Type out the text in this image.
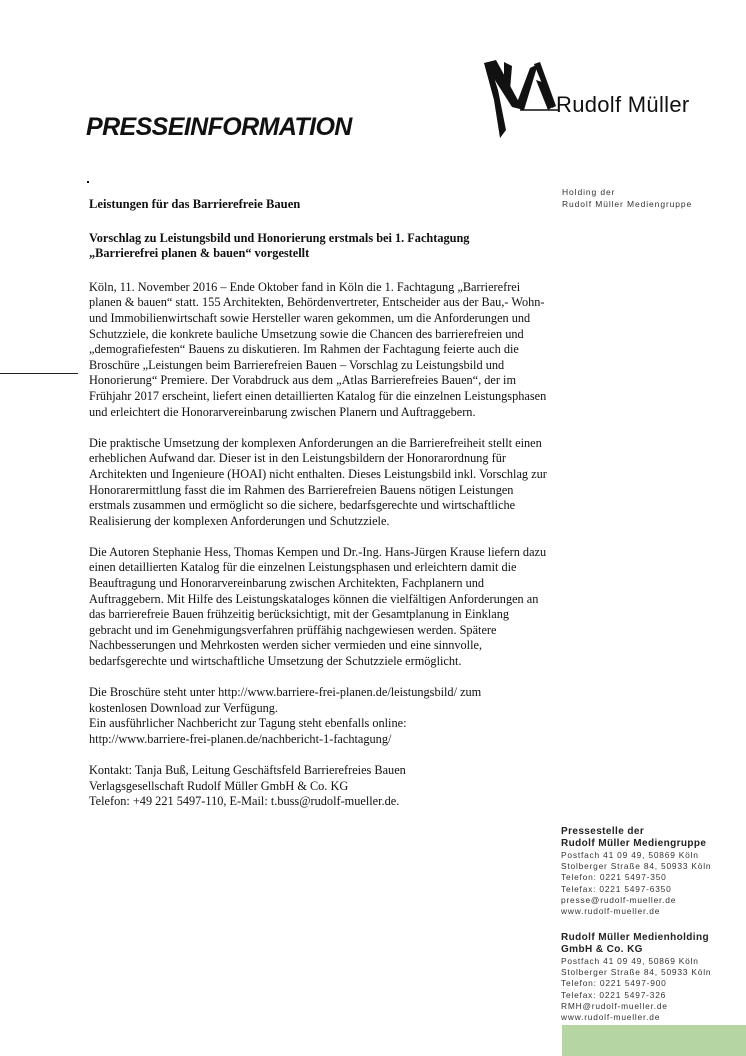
Rudolf Müller
PRESSEINFORMATION
Holding der
Rudolf Müller Mediengruppe

Leistungen für das Barrierefreie Bauen

Vorschlag zu Leistungsbild und Honorierung erstmals bei 1. Fachtagung
„Barrierefrei planen & bauen“ vorgestellt

Köln, 11. November 2016 – Ende Oktober fand in Köln die 1. Fachtagung „Barrierefrei planen & bauen“ statt. 155 Architekten, Behördenvertreter, Entscheider aus der Bau,- Wohn- und Immobilienwirtschaft sowie Hersteller waren gekommen, um die Anforderungen und Schutzziele, die konkrete bauliche Umsetzung sowie die Chancen des barrierefreien und „demografiefesten“ Bauens zu diskutieren. Im Rahmen der Fachtagung feierte auch die Broschüre „Leistungen beim Barrierefreien Bauen – Vorschlag zu Leistungsbild und Honorierung“ Premiere. Der Vorabdruck aus dem „Atlas Barrierefreies Bauen“, der im Frühjahr 2017 erscheint, liefert einen detaillierten Katalog für die einzelnen Leistungsphasen und erleichtert die Honorarvereinbarung zwischen Planern und Auftraggebern.

Die praktische Umsetzung der komplexen Anforderungen an die Barrierefreiheit stellt einen erheblichen Aufwand dar. Dieser ist in den Leistungsbildern der Honorarordnung für Architekten und Ingenieure (HOAI) nicht enthalten. Dieses Leistungsbild inkl. Vorschlag zur Honorarermittlung fasst die im Rahmen des Barrierefreien Bauens nötigen Leistungen erstmals zusammen und ermöglicht so die sichere, bedarfsgerechte und wirtschaftliche Realisierung der komplexen Anforderungen und Schutzziele.

Die Autoren Stephanie Hess, Thomas Kempen und Dr.-Ing. Hans-Jürgen Krause liefern dazu einen detaillierten Katalog für die einzelnen Leistungsphasen und erleichtern damit die Beauftragung und Honorarvereinbarung zwischen Architekten, Fachplanern und Auftraggebern. Mit Hilfe des Leistungskataloges können die vielfältigen Anforderungen an das barrierefreie Bauen frühzeitig berücksichtigt, mit der Gesamtplanung in Einklang gebracht und im Genehmigungsverfahren prüffähig nachgewiesen werden. Spätere Nachbesserungen und Mehrkosten werden sicher vermieden und eine sinnvolle, bedarfsgerechte und wirtschaftliche Umsetzung der Schutzziele ermöglicht.

Die Broschüre steht unter http://www.barriere-frei-planen.de/leistungsbild/ zum
kostenlosen Download zur Verfügung.
Ein ausführlicher Nachbericht zur Tagung steht ebenfalls online:
http://www.barriere-frei-planen.de/nachbericht-1-fachtagung/
Kontakt: Tanja Buß, Leitung Geschäftsfeld Barrierefreies Bauen
Verlagsgesellschaft Rudolf Müller GmbH & Co. KG
Telefon: +49 221 5497-110, E-Mail: t.buss@rudolf-mueller.de.
Pressestelle der
Rudolf Müller Mediengruppe
Postfach 41 09 49, 50869 Köln
Stolberger Straße 84, 50933 Köln
Telefon: 0221 5497-350
Telefax: 0221 5497-6350
presse@rudolf-mueller.de
www.rudolf-mueller.de
Rudolf Müller Medienholding
GmbH & Co. KG
Postfach 41 09 49, 50869 Köln
Stolberger Straße 84, 50933 Köln
Telefon: 0221 5497-900
Telefax: 0221 5497-326
RMH@rudolf-mueller.de
www.rudolf-mueller.de
